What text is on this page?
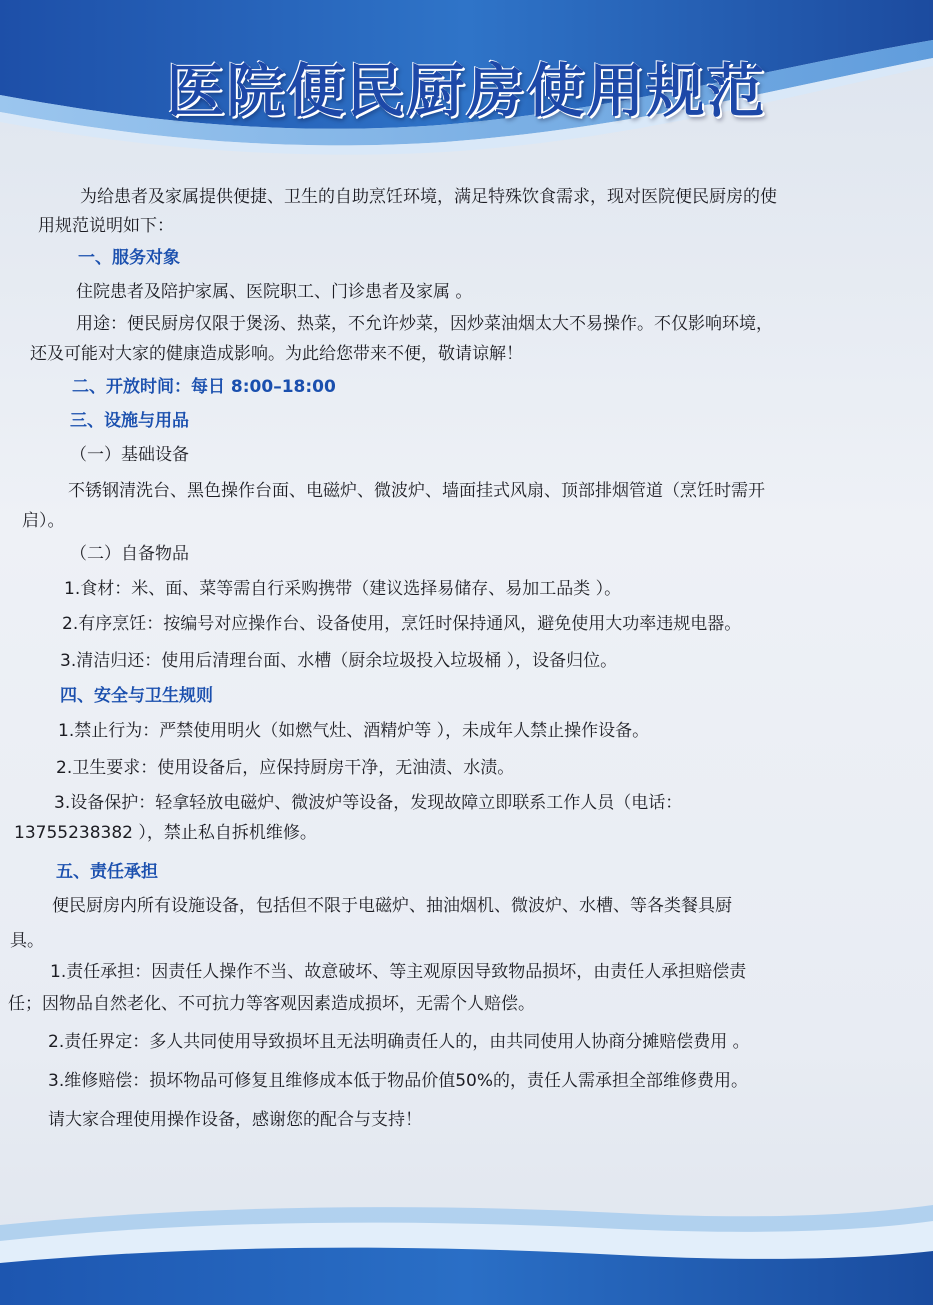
医院便民厨房使用规范
为给患者及家属提供便捷、卫生的自助烹饪环境，满足特殊饮食需求，现对医院便民厨房的使
用规范说明如下：
一、服务对象
住院患者及陪护家属、医院职工、门诊患者及家属 。
用途：便民厨房仅限于煲汤、热菜，不允许炒菜，因炒菜油烟太大不易操作。不仅影响环境，
还及可能对大家的健康造成影响。为此给您带来不便，敬请谅解！
二、开放时间：每日 8:00–18:00
三、设施与用品
（一）基础设备
不锈钢清洗台、黑色操作台面、电磁炉、微波炉、墙面挂式风扇、顶部排烟管道（烹饪时需开
启）。
（二）自备物品
1.食材：米、面、菜等需自行采购携带（建议选择易储存、易加工品类 ）。
2.有序烹饪：按编号对应操作台、设备使用，烹饪时保持通风，避免使用大功率违规电器。
3.清洁归还：使用后清理台面、水槽（厨余垃圾投入垃圾桶 ），设备归位。
四、安全与卫生规则
1.禁止行为：严禁使用明火（如燃气灶、酒精炉等 ），未成年人禁止操作设备。
2.卫生要求：使用设备后，应保持厨房干净，无油渍、水渍。
3.设备保护：轻拿轻放电磁炉、微波炉等设备，发现故障立即联系工作人员（电话：
13755238382 ），禁止私自拆机维修。
五、责任承担
便民厨房内所有设施设备，包括但不限于电磁炉、抽油烟机、微波炉、水槽、等各类餐具厨
具。
1.责任承担：因责任人操作不当、故意破坏、等主观原因导致物品损坏，由责任人承担赔偿责
任；因物品自然老化、不可抗力等客观因素造成损坏，无需个人赔偿。
2.责任界定：多人共同使用导致损坏且无法明确责任人的，由共同使用人协商分摊赔偿费用 。
3.维修赔偿：损坏物品可修复且维修成本低于物品价值50%的，责任人需承担全部维修费用。
请大家合理使用操作设备，感谢您的配合与支持！
